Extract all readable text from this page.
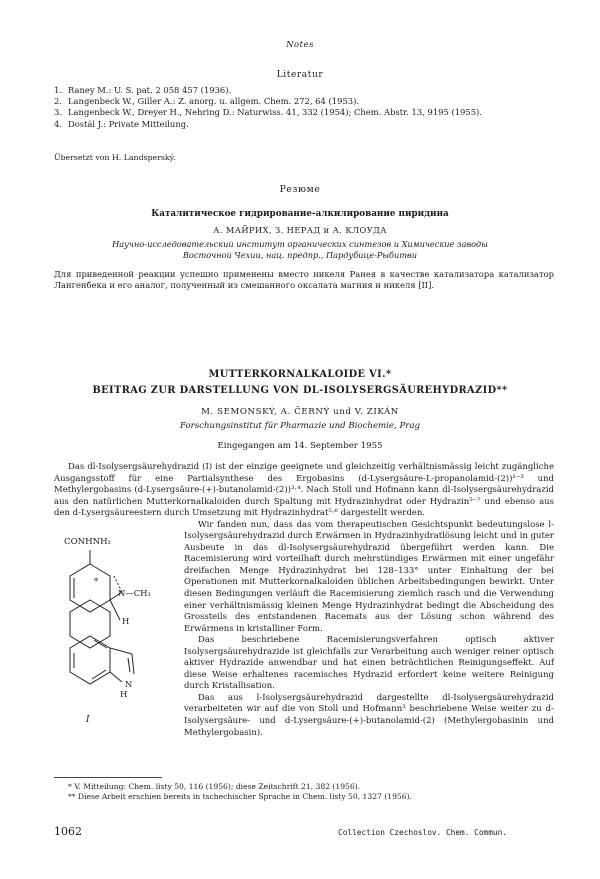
Notes
Literatur
1. Raney M.: U. S. pat. 2 058 457 (1936).
2. Langenbeck W., Giller A.: Z. anorg. u. allgem. Chem. 272, 64 (1953).
3. Langenbeck W., Dreyer H., Nehring D.: Naturwiss. 41, 332 (1954); Chem. Abstr. 13, 9195 (1955).
4. Dostál J.: Private Mitteilung.
Übersetzt von H. Landsperský.
Резюме
Каталитическое гидрирование-алкилирование пиридина
А. МАЙРИХ, З. НЕРАД и А. КЛОУДА
Научно-исследовательский институт органических синтезов и Химические заводы
Восточной Чехии, нац. предпр., Пардубице-Рыбитви
Для приведенной реакции успешно применены вместо никеля Ранея в качестве катализатора катализатор Лангенбека и его аналог, полученный из смешанного оксалата магния и никеля [II].
MUTTERKORNALKALOIDE VI.*
BEITRAG ZUR DARSTELLUNG VON DL-ISOLYSERGSÄUREHYDRAZID**
M. SEMONSKÝ, A. ČERNÝ und V. ZIKÁN
Forschungsinstitut für Pharmazie und Biochemie, Prag
Eingegangen am 14. September 1955

Das dl-Isolysergsäurehydrazid (I) ist der einzige geeignete und gleichzeitig verhältnismässig leicht zugängliche Ausgangsstoff für eine Partialsynthese des Ergobasins (d-Lysergsäure-L-propanolamid-(2))¹⁻³ und Methylergobasins (d-Lysergsäure-(+)-butanolamid-(2))³·⁴. Nach Stoll und Hofmann kann dl-Isolysergsäurehydrazid aus den natürlichen Mutterkornalkaloiden durch Spaltung mit Hydrazinhydrat oder Hydrazin⁵⁻⁷ und ebenso aus den d-Lysergsäureestern durch Umsetzung mit Hydrazinhydrat⁵·⁶ dargestellt werden.

CONHNH₂
N—CH₃
H
*
N
H
I

Wir fanden nun, dass das vom therapeutischen Gesichtspunkt bedeutungslose l-Isolysergsäurehydrazid durch Erwärmen in Hydrazinhydratlösung leicht und in guter Ausbeute in das dl-Isolysergsäurehydrazid übergeführt werden kann. Die Racemisierung wird vorteilhaft durch mehrstündiges Erwärmen mit einer ungefähr dreifachen Menge Hydrazinhydrat bei 128–133° unter Einhaltung der bei Operationen mit Mutterkornalkaloiden üblichen Arbeitsbedingungen bewirkt. Unter diesen Bedingungen verläuft die Racemisierung ziemlich rasch und die Verwendung einer verhältnismässig kleinen Menge Hydrazinhydrat bedingt die Abscheidung des Grossteils des entstandenen Racemats aus der Lösung schon während des Erwärmens in kristalliner Form.

Das beschriebene Racemisierungsverfahren optisch aktiver Isolysergsäurehydrazide ist gleichfalls zur Verarbeitung auch weniger reiner optisch aktiver Hydrazide anwendbar und hat einen beträchtlichen Reinigungseffekt. Auf diese Weise erhaltenes racemisches Hydrazid erfordert keine weitere Reinigung durch Kristallisation.

Das aus l-Isolysergsäurehydrazid dargestellte dl-Isolysergsäurehydrazid verarbeiteten wir auf die von Stoll und Hofmann³ beschriebene Weise weiter zu d-Isolysergsäure- und d-Lysergsäure-(+)-butanolamid-(2) (Methylergobasinin und Methylergobasin).

* V. Mitteilung: Chem. listy 50, 116 (1956); diese Zeitschrift 21, 382 (1956).

** Diese Arbeit erschien bereits in tschechischer Sprache in Chem. listy 50, 1327 (1956).

1062	Collection Czechoslov. Chem. Commun.
